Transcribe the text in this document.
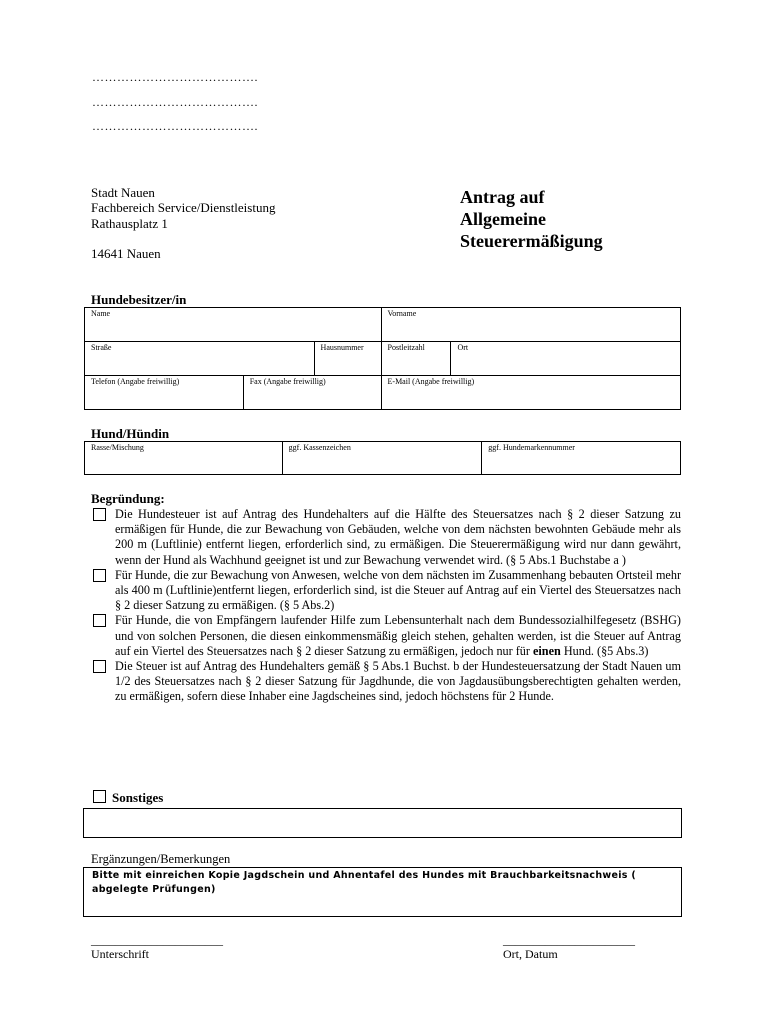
………………………………….
………………………………….
………………………………….
Stadt Nauen
Fachbereich Service/Dienstleistung
Rathausplatz 1
14641 Nauen
Antrag auf
Allgemeine
Steuerermäßigung
Hundebesitzer/in
Name			Vorname	
Straße		Hausnummer	Postleitzahl	Ort
Telefon (Angabe freiwillig)	Fax (Angabe freiwillig)		E-Mail (Angabe freiwillig)	
Hund/Hündin
Rasse/Mischung	ggf. Kassenzeichen	ggf. Hundemarkennummer
Begründung:
Die Hundesteuer ist auf Antrag des Hundehalters auf die Hälfte des Steuersatzes nach § 2 dieser Satzung zu ermäßigen für Hunde, die zur Bewachung von Gebäuden, welche von dem nächsten bewohnten Gebäude mehr als 200 m (Luftlinie) entfernt liegen, erforderlich sind, zu ermäßigen. Die Steuerermäßigung wird nur dann gewährt, wenn der Hund als Wachhund geeignet ist und zur Bewachung verwendet wird. (§ 5 Abs.1 Buchstabe a )
Für Hunde, die zur Bewachung von Anwesen, welche von dem nächsten im Zusammenhang bebauten Ortsteil mehr als 400 m (Luftlinie)entfernt liegen, erforderlich sind, ist die Steuer auf Antrag auf ein Viertel des Steuersatzes nach § 2 dieser Satzung zu ermäßigen. (§ 5 Abs.2)
Für Hunde, die von Empfängern laufender Hilfe zum Lebensunterhalt nach dem Bundessozialhilfegesetz (BSHG) und von solchen Personen, die diesen einkommensmäßig gleich stehen, gehalten werden, ist die Steuer auf Antrag auf ein Viertel des Steuersatzes nach § 2 dieser Satzung zu ermäßigen, jedoch nur für einen Hund. (§5 Abs.3)
Die Steuer ist auf Antrag des Hundehalters gemäß § 5 Abs.1 Buchst. b der Hundesteuersatzung der Stadt Nauen um 1/2 des Steuersatzes nach § 2 dieser Satzung für Jagdhunde, die von Jagdausübungsberechtigten gehalten werden, zu ermäßigen, sofern diese Inhaber eine Jagdscheines sind, jedoch höchstens für 2 Hunde.
Sonstiges
Ergänzungen/Bemerkungen
Bitte mit einreichen Kopie Jagdschein und Ahnentafel des Hundes mit Brauchbarkeitsnachweis ( abgelegte Prüfungen)
______________________
Unterschrift
______________________
Ort, Datum
